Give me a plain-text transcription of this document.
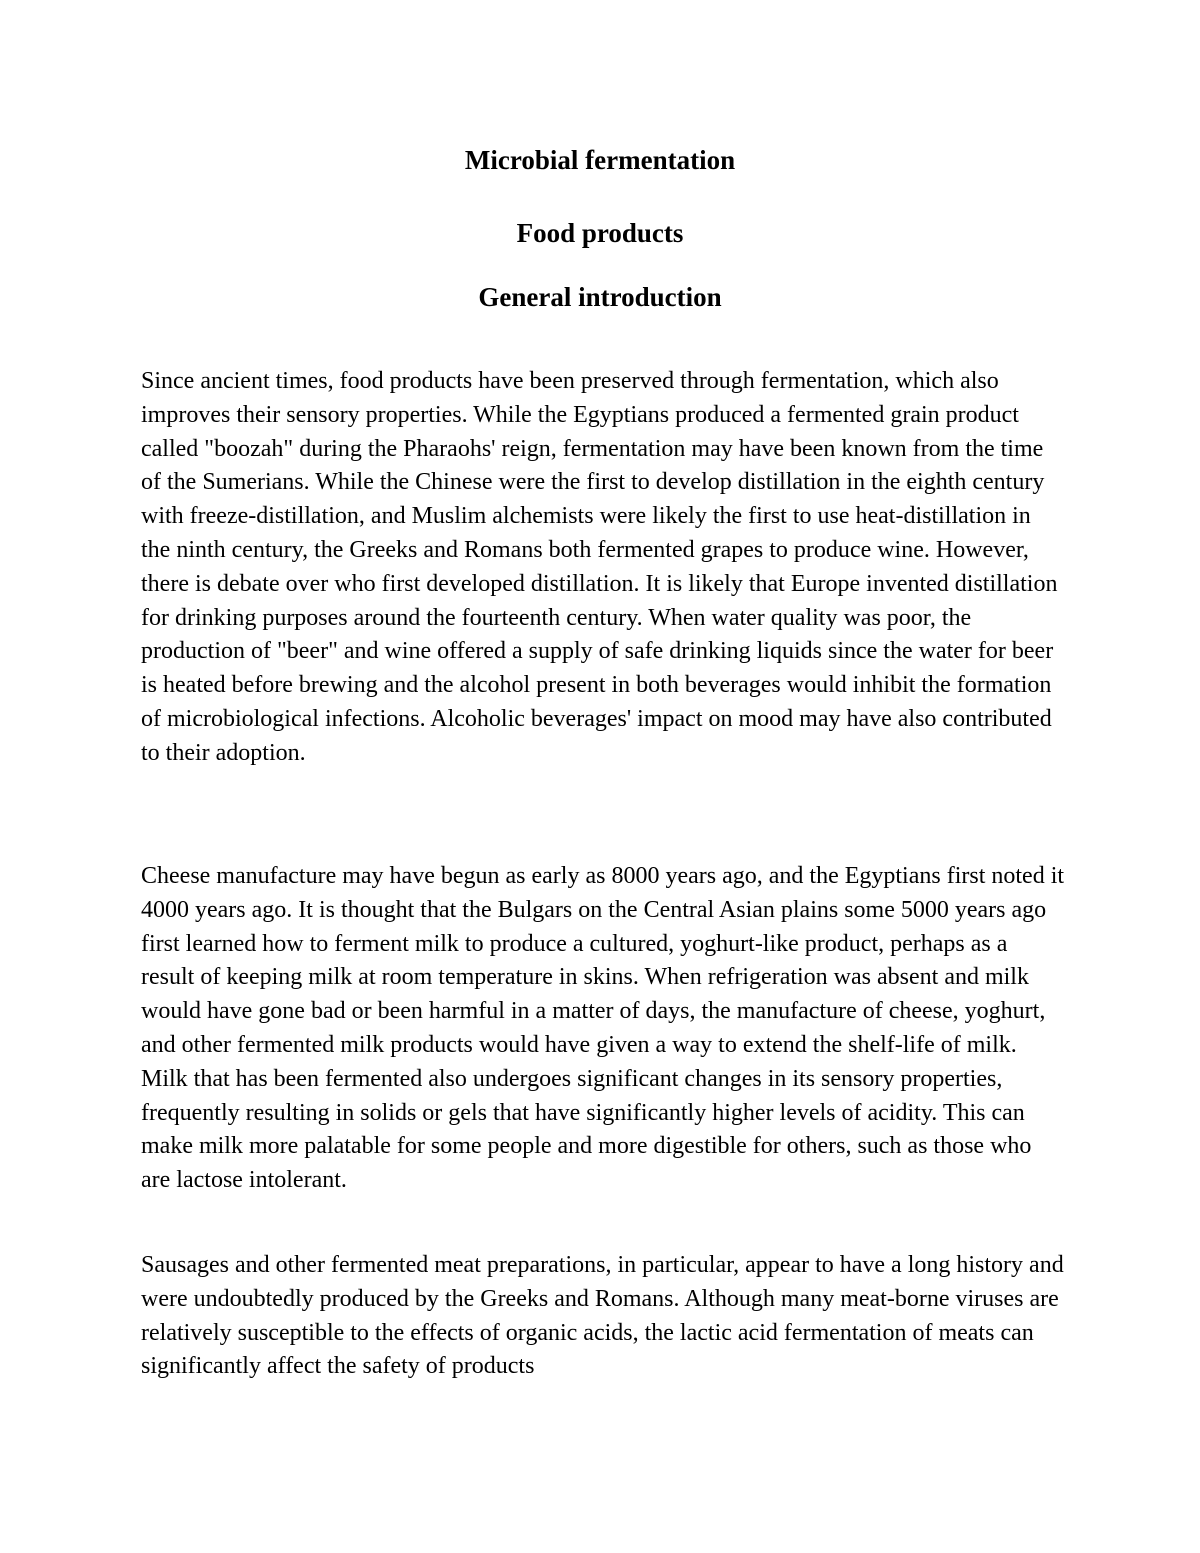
Microbial fermentation
Food products
General introduction

Since ancient times, food products have been preserved through fermentation, which also improves their sensory properties. While the Egyptians produced a fermented grain product called "boozah" during the Pharaohs' reign, fermentation may have been known from the time of the Sumerians. While the Chinese were the first to develop distillation in the eighth century with freeze-distillation, and Muslim alchemists were likely the first to use heat-distillation in the ninth century, the Greeks and Romans both fermented grapes to produce wine. However, there is debate over who first developed distillation. It is likely that Europe invented distillation for drinking purposes around the fourteenth century. When water quality was poor, the production of "beer" and wine offered a supply of safe drinking liquids since the water for beer is heated before brewing and the alcohol present in both beverages would inhibit the formation of microbiological infections. Alcoholic beverages' impact on mood may have also contributed to their adoption.

Cheese manufacture may have begun as early as 8000 years ago, and the Egyptians first noted it 4000 years ago. It is thought that the Bulgars on the Central Asian plains some 5000 years ago first learned how to ferment milk to produce a cultured, yoghurt-like product, perhaps as a result of keeping milk at room temperature in skins. When refrigeration was absent and milk would have gone bad or been harmful in a matter of days, the manufacture of cheese, yoghurt, and other fermented milk products would have given a way to extend the shelf-life of milk. Milk that has been fermented also undergoes significant changes in its sensory properties, frequently resulting in solids or gels that have significantly higher levels of acidity. This can make milk more palatable for some people and more digestible for others, such as those who are lactose intolerant.

Sausages and other fermented meat preparations, in particular, appear to have a long history and were undoubtedly produced by the Greeks and Romans. Although many meat-borne viruses are relatively susceptible to the effects of organic acids, the lactic acid fermentation of meats can significantly affect the safety of products
